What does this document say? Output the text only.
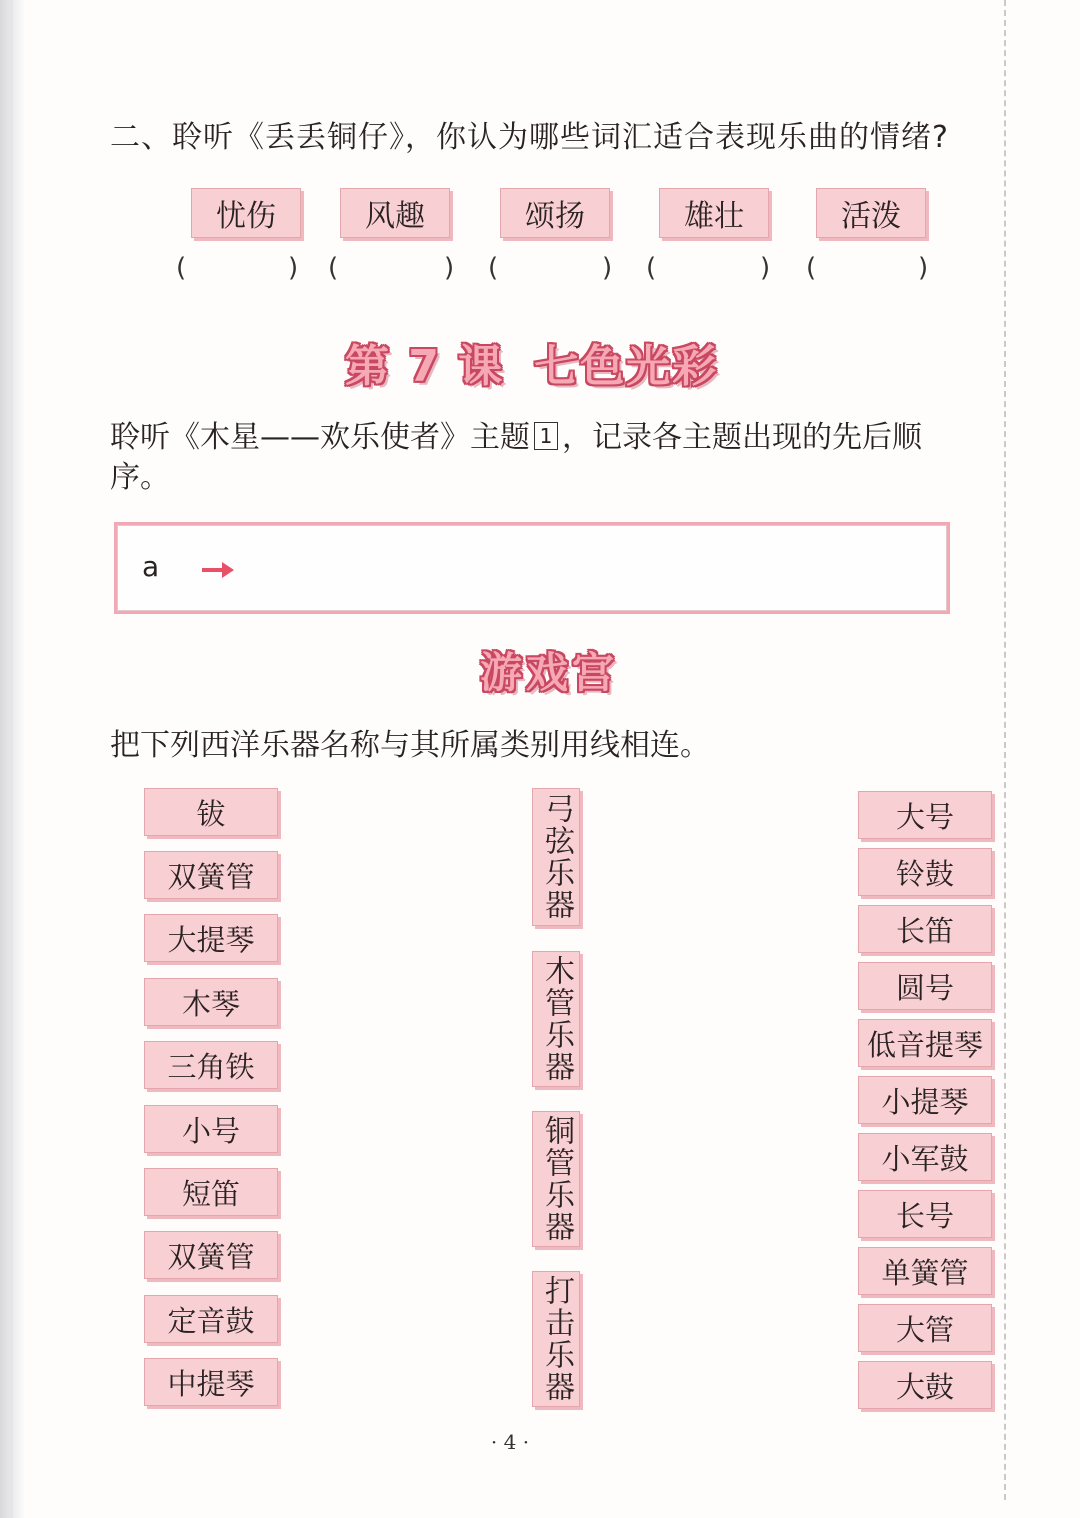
二、聆听《丢丢铜仔》，你认为哪些词汇适合表现乐曲的情绪?
忧伤	风趣	颂扬	雄壮	活泼
(	) (	) (	) (	) (	)
第 7 课 七色光彩
聆听《木星——欢乐使者》主题 1 ，记录各主题出现的先后顺序。
a
游戏宫
把下列西洋乐器名称与其所属类别用线相连。
钹
双簧管
大提琴
木琴
三角铁
小号
短笛
双簧管
定音鼓
中提琴
弓弦乐器
木管乐器
铜管乐器
打击乐器
大号
铃鼓
长笛
圆号
低音提琴
小提琴
小军鼓
长号
单簧管
大管
大鼓
· 4 ·
